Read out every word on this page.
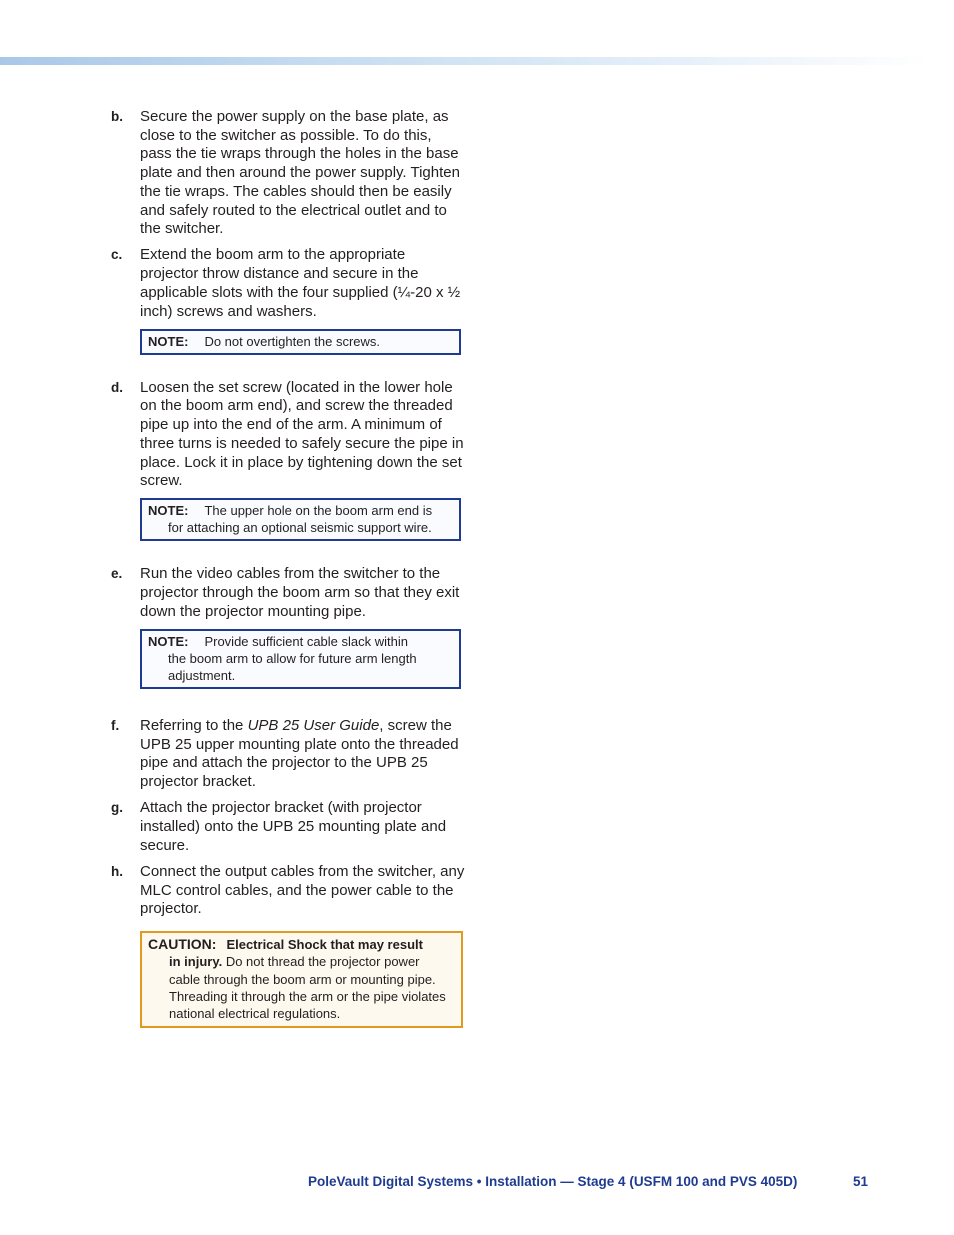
b.	Secure the power supply on the base plate, as close to the switcher as possible. To do this, pass the tie wraps through the holes in the base plate and then around the power supply. Tighten the tie wraps. The cables should then be easily and safely routed to the electrical outlet and to the switcher.
c.	Extend the boom arm to the appropriate projector throw distance and secure in the applicable slots with the four supplied (¼-20 x ½ inch) screws and washers.
NOTE: Do not overtighten the screws.
d.	Loosen the set screw (located in the lower hole on the boom arm end), and screw the threaded pipe up into the end of the arm. A minimum of three turns is needed to safely secure the pipe in place. Lock it in place by tightening down the set screw.
NOTE: The upper hole on the boom arm end is
for attaching an optional seismic support wire.
e.	Run the video cables from the switcher to the projector through the boom arm so that they exit down the projector mounting pipe.
NOTE: Provide sufficient cable slack within
the boom arm to allow for future arm length adjustment.
f.	Referring to the UPB 25 User Guide, screw the UPB 25 upper mounting plate onto the threaded pipe and attach the projector to the UPB 25 projector bracket.
g.	Attach the projector bracket (with projector installed) onto the UPB 25 mounting plate and secure.
h.	Connect the output cables from the switcher, any MLC control cables, and the power cable to the projector.
CAUTION: Electrical Shock that may result
in injury. Do not thread the projector power cable through the boom arm or mounting pipe. Threading it through the arm or the pipe violates national electrical regulations.
PoleVault Digital Systems • Installation — Stage 4 (USFM 100 and PVS 405D)	51
